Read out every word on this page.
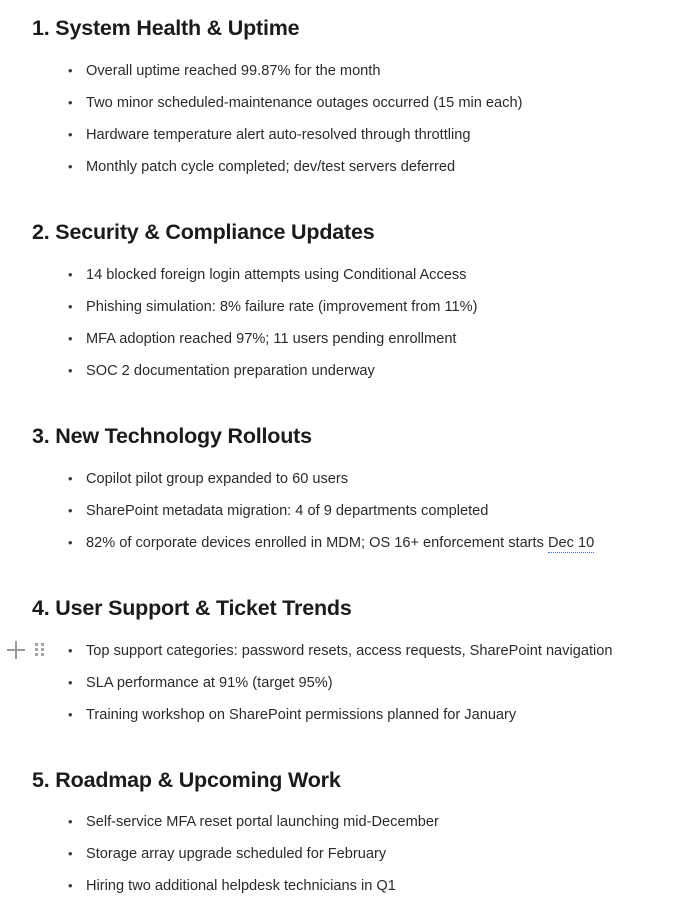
1. System Health & Uptime
• Overall uptime reached 99.87% for the month
• Two minor scheduled-maintenance outages occurred (15 min each)
• Hardware temperature alert auto-resolved through throttling
• Monthly patch cycle completed; dev/test servers deferred
2. Security & Compliance Updates
• 14 blocked foreign login attempts using Conditional Access
• Phishing simulation: 8% failure rate (improvement from 11%)
• MFA adoption reached 97%; 11 users pending enrollment
• SOC 2 documentation preparation underway
3. New Technology Rollouts
• Copilot pilot group expanded to 60 users
• SharePoint metadata migration: 4 of 9 departments completed
• 82% of corporate devices enrolled in MDM; OS 16+ enforcement starts Dec 10
4. User Support & Ticket Trends
• Top support categories: password resets, access requests, SharePoint navigation
• SLA performance at 91% (target 95%)
• Training workshop on SharePoint permissions planned for January
5. Roadmap & Upcoming Work
• Self-service MFA reset portal launching mid-December
• Storage array upgrade scheduled for February
• Hiring two additional helpdesk technicians in Q1
